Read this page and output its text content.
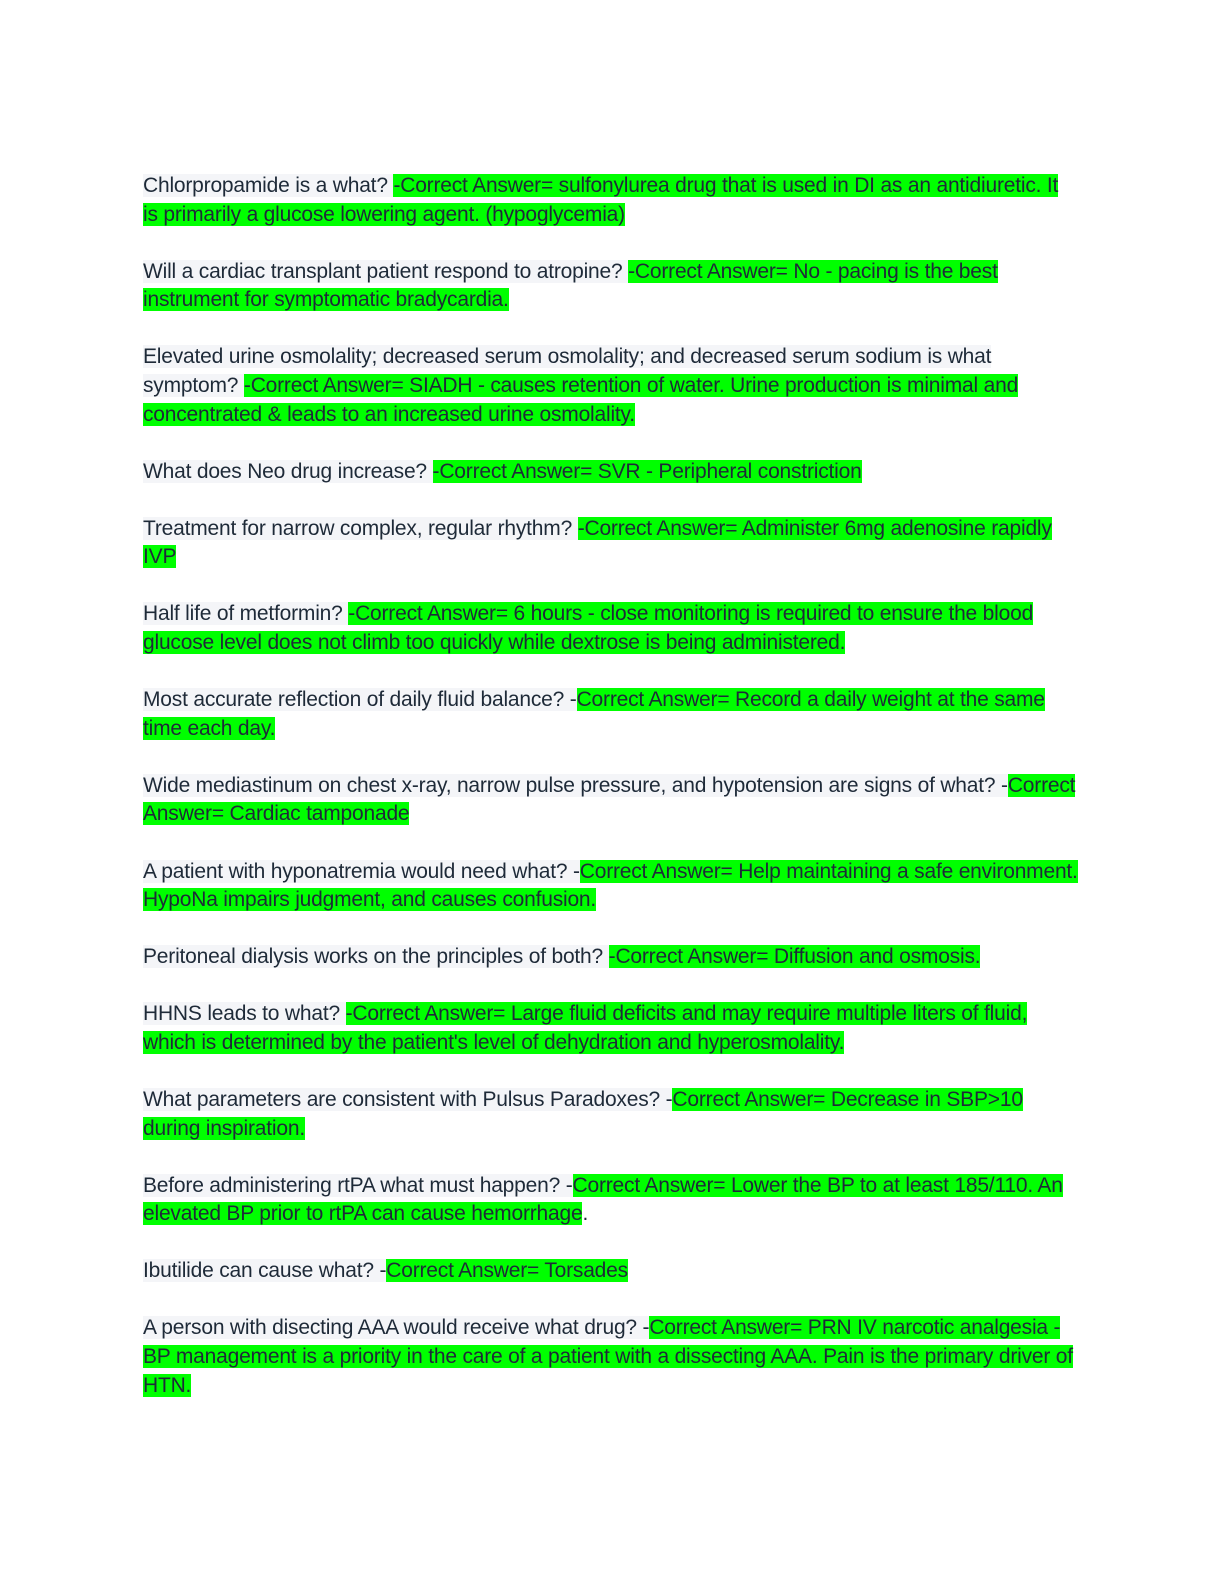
Chlorpropamide is a what? -Correct Answer= sulfonylurea drug that is used in DI as an antidiuretic. It is primarily a glucose lowering agent. (hypoglycemia)

Will a cardiac transplant patient respond to atropine? -Correct Answer= No - pacing is the best instrument for symptomatic bradycardia.

Elevated urine osmolality; decreased serum osmolality; and decreased serum sodium is what symptom? -Correct Answer= SIADH - causes retention of water. Urine production is minimal and concentrated & leads to an increased urine osmolality.

What does Neo drug increase? -Correct Answer= SVR - Peripheral constriction

Treatment for narrow complex, regular rhythm? -Correct Answer= Administer 6mg adenosine rapidly IVP

Half life of metformin? -Correct Answer= 6 hours - close monitoring is required to ensure the blood glucose level does not climb too quickly while dextrose is being administered.

Most accurate reflection of daily fluid balance? -Correct Answer= Record a daily weight at the same time each day.

Wide mediastinum on chest x-ray, narrow pulse pressure, and hypotension are signs of what? -Correct Answer= Cardiac tamponade

A patient with hyponatremia would need what? -Correct Answer= Help maintaining a safe environment. HypoNa impairs judgment, and causes confusion.

Peritoneal dialysis works on the principles of both? -Correct Answer= Diffusion and osmosis.

HHNS leads to what? -Correct Answer= Large fluid deficits and may require multiple liters of fluid, which is determined by the patient's level of dehydration and hyperosmolality.

What parameters are consistent with Pulsus Paradoxes? -Correct Answer= Decrease in SBP>10 during inspiration.

Before administering rtPA what must happen? -Correct Answer= Lower the BP to at least 185/110. An elevated BP prior to rtPA can cause hemorrhage.

Ibutilide can cause what? -Correct Answer= Torsades

A person with disecting AAA would receive what drug? -Correct Answer= PRN IV narcotic analgesia - BP management is a priority in the care of a patient with a dissecting AAA. Pain is the primary driver of HTN.
